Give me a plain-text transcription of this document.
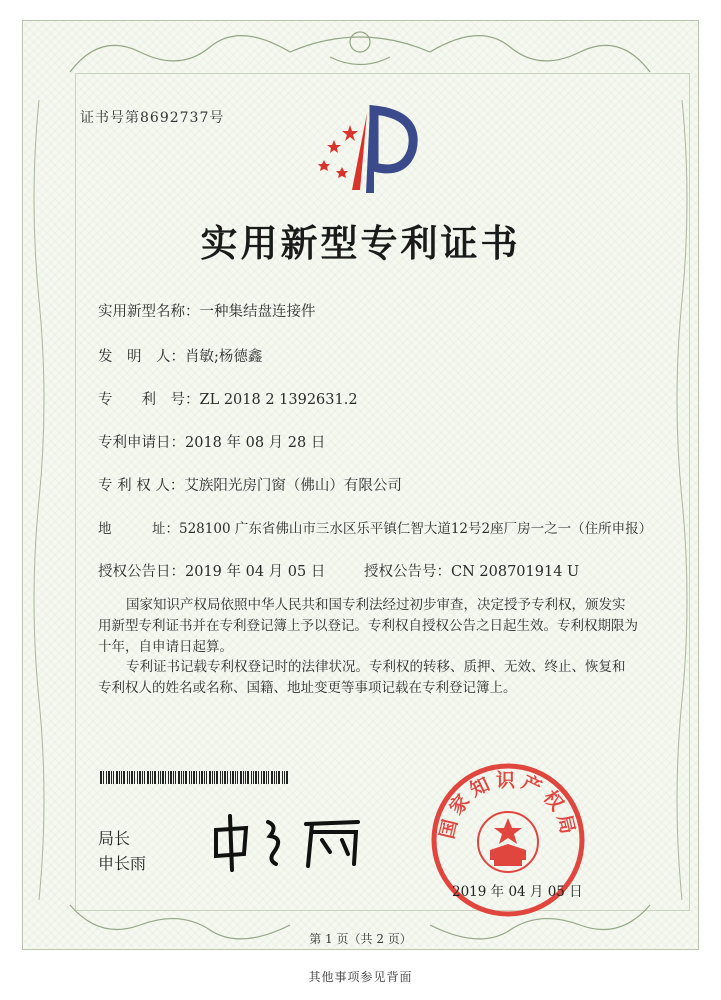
证书号第8692737号
实用新型专利证书
实用新型名称：一种集结盘连接件
发　明　人：肖敏;杨德鑫
专　　利　号：ZL 2018 2 1392631.2
专利申请日：2018 年 08 月 28 日
专 利 权 人：艾族阳光房门窗（佛山）有限公司
地　　　址：528100 广东省佛山市三水区乐平镇仁智大道12号2座厂房一之一（住所申报）
授权公告日：2019 年 04 月 05 日	授权公告号：CN 208701914 U

国家知识产权局依照中华人民共和国专利法经过初步审查，决定授予专利权，颁发实用新型专利证书并在专利登记簿上予以登记。专利权自授权公告之日起生效。专利权期限为十年，自申请日起算。

专利证书记载专利权登记时的法律状况。专利权的转移、质押、无效、终止、恢复和专利权人的姓名或名称、国籍、地址变更等事项记载在专利登记簿上。

局长
申长雨
国家知识产权局
2019 年 04 月 05 日
第 1 页（共 2 页）
其他事项参见背面
